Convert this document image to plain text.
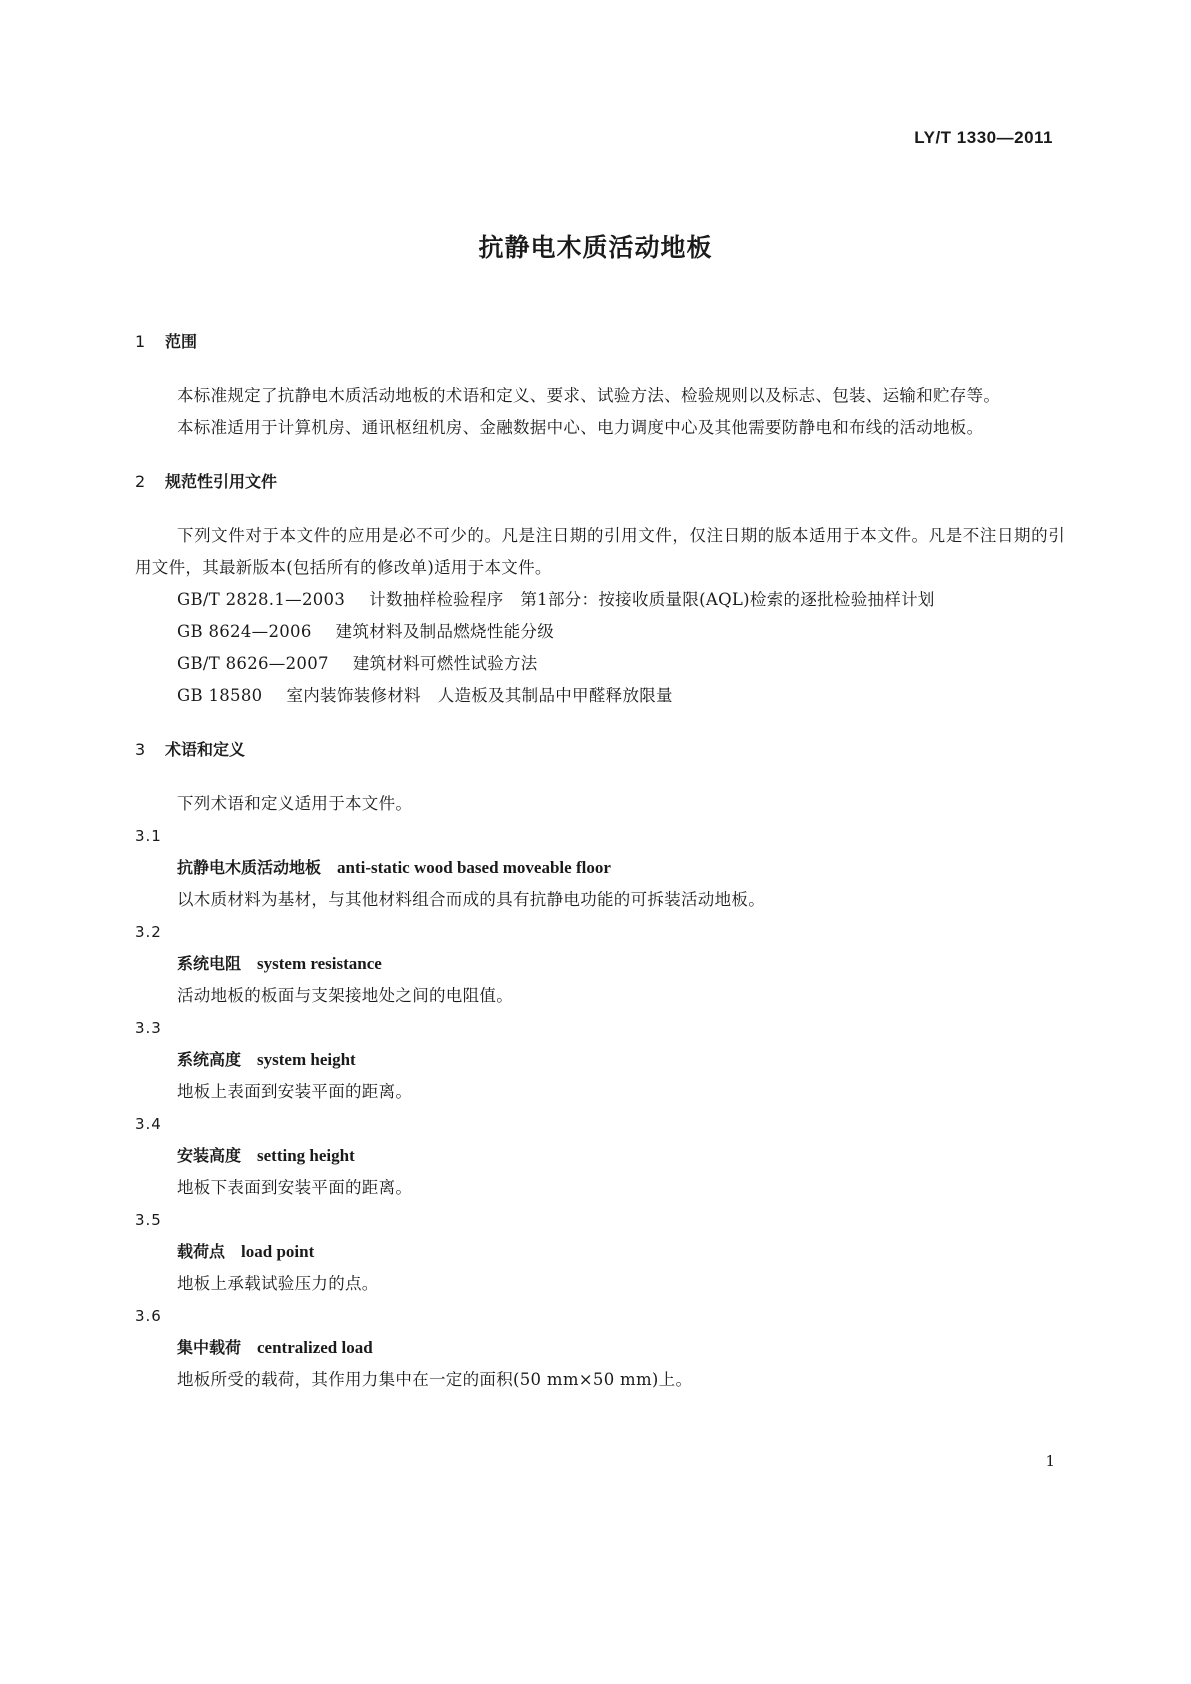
LY/T 1330—2011
抗静电木质活动地板

1 范围

本标准规定了抗静电木质活动地板的术语和定义、要求、试验方法、检验规则以及标志、包装、运输和贮存等。

本标准适用于计算机房、通讯枢纽机房、金融数据中心、电力调度中心及其他需要防静电和布线的活动地板。

2 规范性引用文件

下列文件对于本文件的应用是必不可少的。凡是注日期的引用文件，仅注日期的版本适用于本文件。凡是不注日期的引用文件，其最新版本(包括所有的修改单)适用于本文件。

GB/T 2828.1—2003 计数抽样检验程序　第1部分：按接收质量限(AQL)检索的逐批检验抽样计划

GB 8624—2006 建筑材料及制品燃烧性能分级

GB/T 8626—2007 建筑材料可燃性试验方法

GB 18580 室内装饰装修材料　人造板及其制品中甲醛释放限量

3 术语和定义

下列术语和定义适用于本文件。

3.1

抗静电木质活动地板 anti-static wood based moveable floor

以木质材料为基材，与其他材料组合而成的具有抗静电功能的可拆装活动地板。

3.2

系统电阻 system resistance

活动地板的板面与支架接地处之间的电阻值。

3.3

系统高度 system height

地板上表面到安装平面的距离。

3.4

安装高度 setting height

地板下表面到安装平面的距离。

3.5

载荷点 load point

地板上承载试验压力的点。

3.6

集中载荷 centralized load

地板所受的载荷，其作用力集中在一定的面积(50 mm×50 mm)上。

1
